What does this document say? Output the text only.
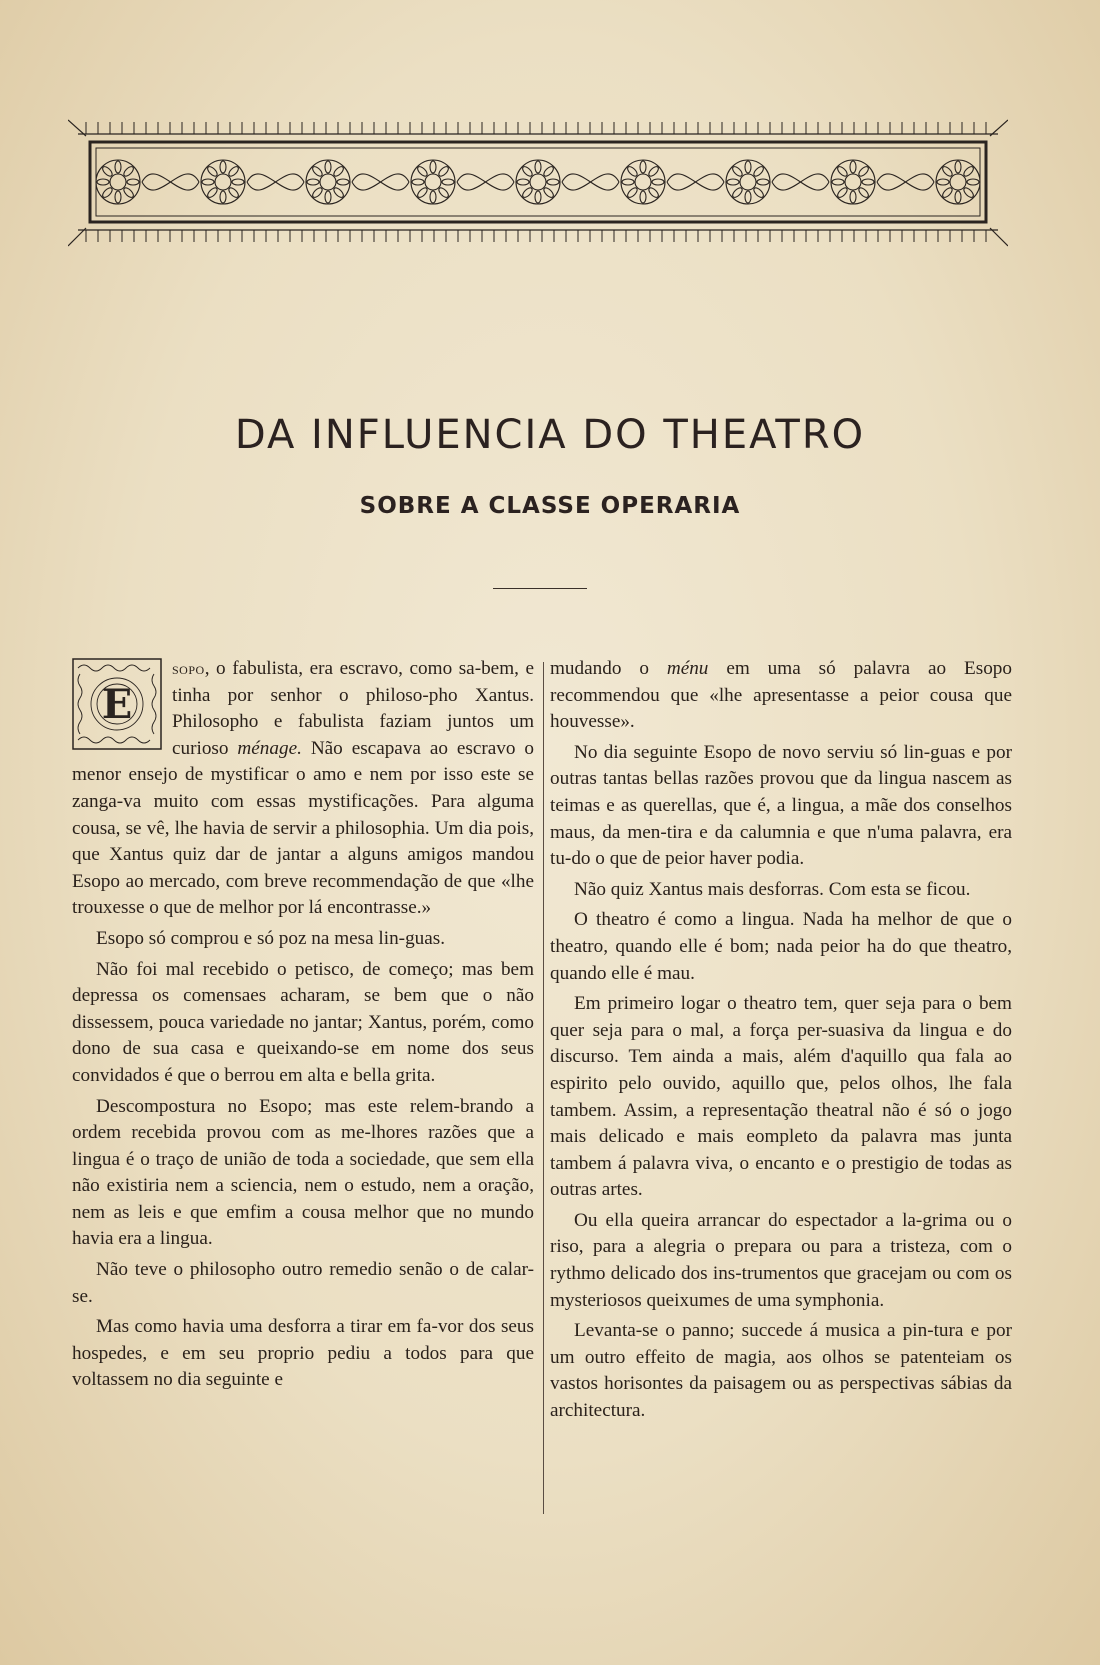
DA INFLUENCIA DO THEATRO
SOBRE A CLASSE OPERARIA

E
sopo, o fabulista, era escravo, como sa-bem, e tinha por senhor o philoso-pho Xantus. Philosopho e fabulista faziam juntos um curioso ménage. Não escapava ao escravo o menor ensejo de mystificar o amo e nem por isso este se zanga-va muito com essas mystificações. Para alguma cousa, se vê, lhe havia de servir a philosophia. Um dia pois, que Xantus quiz dar de jantar a alguns amigos mandou Esopo ao mercado, com breve recommendação de que «lhe trouxesse o que de melhor por lá encontrasse.»

Esopo só comprou e só poz na mesa lin-guas.

Não foi mal recebido o petisco, de começo; mas bem depressa os comensaes acharam, se bem que o não dissessem, pouca variedade no jantar; Xantus, porém, como dono de sua casa e queixando-se em nome dos seus convidados é que o berrou em alta e bella grita.

Descompostura no Esopo; mas este relem-brando a ordem recebida provou com as me-lhores razões que a lingua é o traço de união de toda a sociedade, que sem ella não existiria nem a sciencia, nem o estudo, nem a oração, nem as leis e que emfim a cousa melhor que no mundo havia era a lingua.

Não teve o philosopho outro remedio senão o de calar-se.

Mas como havia uma desforra a tirar em fa-vor dos seus hospedes, e em seu proprio pediu a todos para que voltassem no dia seguinte e

mudando o ménu em uma só palavra ao Esopo recommendou que «lhe apresentasse a peior cousa que houvesse».

No dia seguinte Esopo de novo serviu só lin-guas e por outras tantas bellas razões provou que da lingua nascem as teimas e as querellas, que é, a lingua, a mãe dos conselhos maus, da men-tira e da calumnia e que n'uma palavra, era tu-do o que de peior haver podia.

Não quiz Xantus mais desforras. Com esta se ficou.

O theatro é como a lingua. Nada ha melhor de que o theatro, quando elle é bom; nada peior ha do que theatro, quando elle é mau.

Em primeiro logar o theatro tem, quer seja para o bem quer seja para o mal, a força per-suasiva da lingua e do discurso. Tem ainda a mais, além d'aquillo qua fala ao espirito pelo ouvido, aquillo que, pelos olhos, lhe fala tambem. Assim, a representação theatral não é só o jogo mais delicado e mais eompleto da palavra mas junta tambem á palavra viva, o encanto e o prestigio de todas as outras artes.

Ou ella queira arrancar do espectador a la-grima ou o riso, para a alegria o prepara ou para a tristeza, com o rythmo delicado dos ins-trumentos que gracejam ou com os mysteriosos queixumes de uma symphonia.

Levanta-se o panno; succede á musica a pin-tura e por um outro effeito de magia, aos olhos se patenteiam os vastos horisontes da paisagem ou as perspectivas sábias da architectura.
